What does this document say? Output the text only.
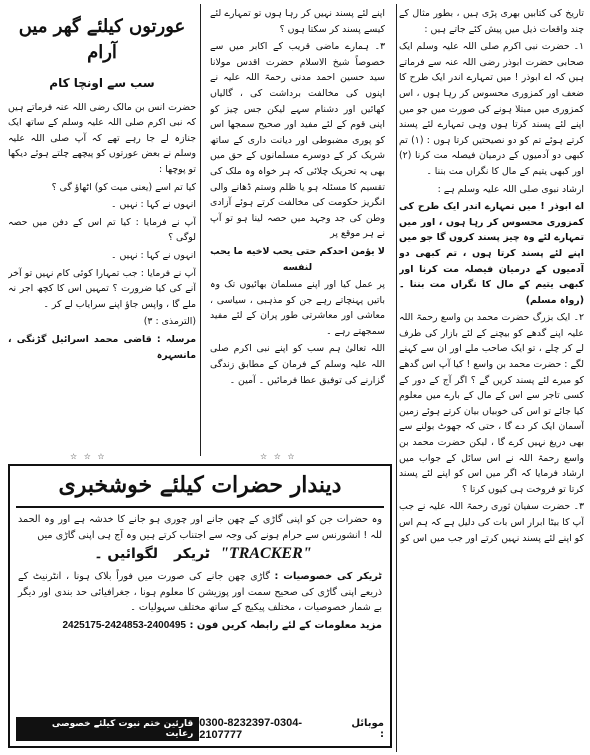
تاریخ کی کتابیں بھری پڑی ہیں ، بطور مثال کے چند واقعات ذیل میں پیش کئے جاتے ہیں :

١۔ حضرت نبی اکرم صلی اللہ علیہ وسلم ایک صحابی حضرت ابوذر رضی اللہ عنہ سے فرماتے ہیں کہ اے ابوذر ! میں تمہارے اندر ایک طرح کا ضعف اور کمزوری محسوس کر رہا ہوں ، اس کمزوری میں مبتلا ہونے کی صورت میں جو میں اپنے لئے پسند کرتا ہوں وہی تمہارے لئے پسند کرتے ہوئے تم کو دو نصیحتیں کرتا ہوں : (١) تم کبھی دو آدمیوں کے درمیان فیصلہ مت کرنا (٢) اور کبھی یتیم کے مال کا نگراں مت بننا ۔

ارشاد نبوی صلی اللہ علیہ وسلم ہے :

اے ابوذر ! میں تمہارے اندر ایک طرح کی کمزوری محسوس کر رہا ہوں ، اور میں تمہارے لئے وہ چیز پسند کروں گا جو میں اپنے لئے پسند کرتا ہوں ، تم کبھی دو آدمیوں کے درمیان فیصلہ مت کرنا اور کبھی یتیم کے مال کا نگراں مت بننا ۔ (رواہ مسلم)

٢۔ ایک بزرگ حضرت محمد بن واسع رحمۃ اللہ علیہ اپنے گدھے کو بیچنے کے لئے بازار کی طرف لے کر چلے ، تو ایک صاحب ملے اور ان سے کہنے لگے : حضرت محمد بن واسع ! کیا آپ اس گدھے کو میرے لئے پسند کریں گے ؟ اگر آج کے دور کے کسی تاجر سے اس کے مال کے بارے میں معلوم کیا جائے تو اس کی خوبیاں بیان کرتے ہوئے زمین آسمان ایک کر دے گا ، حتی کہ جھوٹ بولنے سے بھی دریغ نہیں کرے گا ، لیکن حضرت محمد بن واسع رحمۃ اللہ نے اس سائل کے جواب میں ارشاد فرمایا کہ اگر میں اس کو اپنے لئے پسند کرتا تو فروخت ہی کیوں کرتا ؟

٣۔ حضرت سفیان ثوری رحمۃ اللہ علیہ نے جب آپ کا بیٹا ابرار اس بات کی دلیل ہے کہ ہم اس کو اپنے لئے پسند نہیں کرتے اور جب میں اس کو

اپنے لئے پسند نہیں کر رہا ہوں تو تمہارے لئے کیسے پسند کر سکتا ہوں ؟

٣۔ ہمارے ماضی قریب کے اکابر میں سے خصوصاً شیخ الاسلام حضرت اقدس مولانا سید حسین احمد مدنی رحمۃ اللہ علیہ نے اپنوں کی مخالفت برداشت کی ، گالیاں کھائیں اور دشنام سہے لیکن جس چیز کو اپنی قوم کے لئے مفید اور صحیح سمجھا اس کو پوری مضبوطی اور دیانت داری کے ساتھ شریک کر کے دوسرے مسلمانوں کے حق میں بھی یہ تحریک چلائی کہ ہر خواہ وہ ملک کی تقسیم کا مسئلہ ہو یا ظلم وستم ڈھانے والی انگریز حکومت کی مخالفت کرتے ہوئے آزادی وطن کی جد وجہد میں حصہ لینا ہو تو آپ نے ہر موقع پر

لا يؤمن احدكم حتى يحب لاخيه ما يحب لنفسه

پر عمل کیا اور اپنے مسلمان بھائیوں تک وہ باتیں پہنچاتے رہے جن کو مذہبی ، سیاسی ، معاشی اور معاشرتی طور پران کے لئے مفید سمجھتے رہے ۔

اللہ تعالیٰ ہم سب کو اپنے نبی اکرم صلی اللہ علیہ وسلم کے فرمان کے مطابق زندگی گزارنے کی توفیق عطا فرمائیں ۔ آمین ۔

☆ ☆ ☆
عورتوں کیلئے گھر میں آرام
سب سے اونچا کام

حضرت انس بن مالک رضی اللہ عنہ فرماتے ہیں کہ نبی اکرم صلی اللہ علیہ وسلم کے ساتھ ایک جنازہ لے جا رہے تھے کہ آپ صلی اللہ علیہ وسلم نے بعض عورتوں کو پیچھے چلتے ہوئے دیکھا تو پوچھا :

کیا تم اسے (یعنی میت کو) اٹھاؤ گی ؟

انہوں نے کہا : نہیں ۔

آپ نے فرمایا : کیا تم اس کے دفن میں حصہ لوگی ؟

انہوں نے کہا : نہیں ۔

آپ نے فرمایا : جب تمہارا کوئی کام نہیں تو آخر آنے کی کیا ضرورت ؟ تمہیں اس کا کچھ اجر نہ ملے گا ، واپس جاؤ اپنے سرایاب لے کر ۔

(الترمذی : ٣)

مرسلہ : قاضی محمد اسرائیل گڑنگی ، مانسہرہ

☆ ☆ ☆
دیندار حضرات کیلئے خوشخبری
وہ حضرات جن کو اپنی گاڑی کے چھن جانے اور چوری ہو جانے کا خدشہ ہے اور وہ الحمد للہ ! انشورنس سے حرام ہونے کی وجہ سے اجتناب کرتے ہیں وہ آج ہی اپنی گاڑی میں
"TRACKER" ٹریکر لگوائیں ۔
ٹریکر کی خصوصیات : گاڑی چھن جانے کی صورت میں فوراً بلاک ہونا ، انٹرنیٹ کے ذریعے اپنی گاڑی کی صحیح سمت اور پوزیشن کا معلوم ہونا ، جغرافیائی حد بندی اور دیگر بے شمار خصوصیات ، مختلف پیکیج کے ساتھ مختلف سہولیات ۔
مزید معلومات کے لئے رابطہ کریں فون : 2425175-2424853-2400495
موبائل :
0300-8232397-0304-2107777
قارئین ختم نبوت کیلئے خصوصی رعایت
